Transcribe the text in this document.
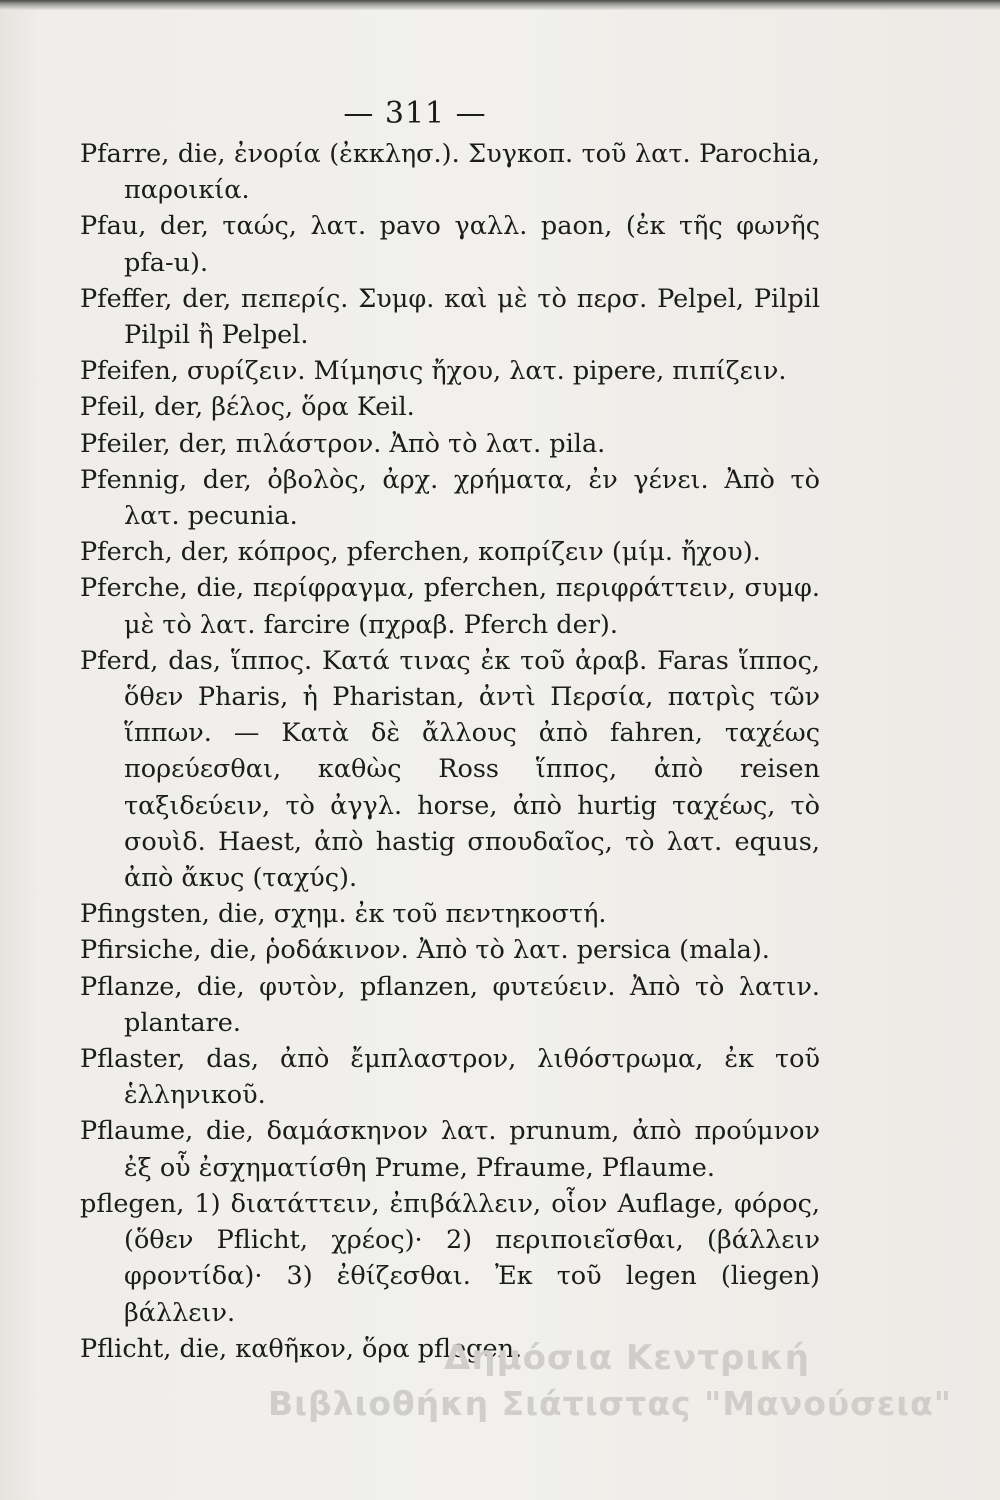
— 311 —

Pfarre, die, ἐνορία (ἐκκλησ.). Συγκοπ. τοῦ λατ. Parochia, παροικία.

Pfau, der, ταώς, λατ. pavo γαλλ. paon, (ἐκ τῆς φωνῆς pfa-u).

Pfeffer, der, πεπερίς. Συμφ. καὶ μὲ τὸ περσ. Pelpel, Pilpil Pilpil ἢ Pelpel.

Pfeifen, συρίζειν. Μίμησις ἤχου, λατ. pipere, πιπίζειν.

Pfeil, der, βέλος, ὅρα Keil.

Pfeiler, der, πιλάστρον. Ἀπὸ τὸ λατ. pila.

Pfennig, der, ὀβολὸς, ἀρχ. χρήματα, ἐν γένει. Ἀπὸ τὸ λατ. pecunia.

Pferch, der, κόπρος, pferchen, κοπρίζειν (μίμ. ἤχου).

Pferche, die, περίφραγμα, pferchen, περιφράττειν, συμφ. μὲ τὸ λατ. farcire (πχραβ. Pferch der).

Pferd, das, ἵππος. Κατά τινας ἐκ τοῦ ἀραβ. Faras ἵππος, ὅθεν Pharis, ἡ Pharistan, ἀντὶ Περσία, πατρὶς τῶν ἵππων. — Κατὰ δὲ ἄλλους ἀπὸ fahren, ταχέως πορεύεσθαι, καθὼς Ross ἵππος, ἀπὸ reisen ταξιδεύειν, τὸ ἀγγλ. horse, ἀπὸ hurtig ταχέως, τὸ σουὶδ. Haest, ἀπὸ hastig σπουδαῖος, τὸ λατ. equus, ἀπὸ ἄκυς (ταχύς).

Pfingsten, die, σχημ. ἐκ τοῦ πεντηκοστή.

Pfirsiche, die, ῥοδάκινον. Ἀπὸ τὸ λατ. persica (mala).

Pflanze, die, φυτὸν, pflanzen, φυτεύειν. Ἀπὸ τὸ λατιν. plantare.

Pflaster, das, ἀπὸ ἔμπλαστρον, λιθόστρωμα, ἐκ τοῦ ἑλληνικοῦ.

Pflaume, die, δαμάσκηνον λατ. prunum, ἀπὸ προύμνον ἐξ οὗ ἐσχηματίσθη Prume, Pfraume, Pflaume.

pflegen, 1) διατάττειν, ἐπιβάλλειν, οἷον Auflage, φόρος, (ὅθεν Pflicht, χρέος)· 2) περιποιεῖσθαι, (βάλλειν φροντίδα)· 3) ἐθίζεσθαι. Ἐκ τοῦ legen (liegen) βάλλειν.

Pflicht, die, καθῆκον, ὅρα pflegen.

Δημόσια Κεντρική
Βιβλιοθήκη Σιάτιστας "Μανούσεια"
